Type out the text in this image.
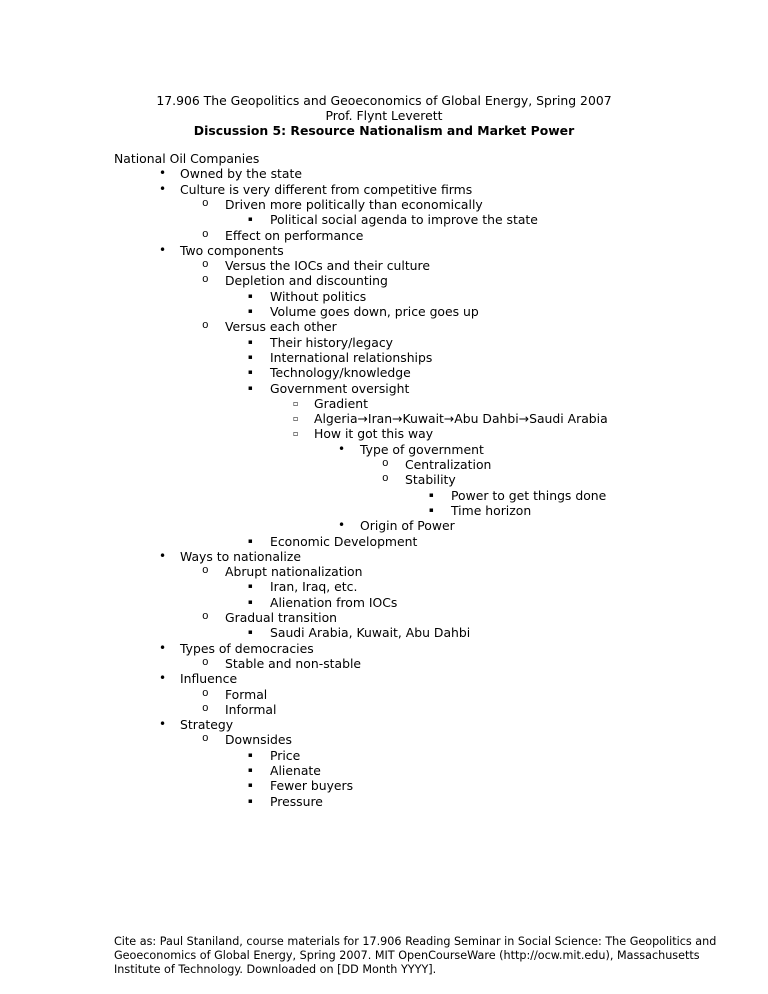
17.906 The Geopolitics and Geoeconomics of Global Energy, Spring 2007
Prof. Flynt Leverett
Discussion 5: Resource Nationalism and Market Power
National Oil Companies
• Owned by the state
• Culture is very different from competitive firms
o Driven more politically than economically
▪ Political social agenda to improve the state
o Effect on performance
• Two components
o Versus the IOCs and their culture
o Depletion and discounting
▪ Without politics
▪ Volume goes down, price goes up
o Versus each other
▪ Their history/legacy
▪ International relationships
▪ Technology/knowledge
▪ Government oversight
▫ Gradient
▫ Algeria→Iran→Kuwait→Abu Dahbi→Saudi Arabia
▫ How it got this way
• Type of government
o Centralization
o Stability
▪ Power to get things done
▪ Time horizon
• Origin of Power
▪ Economic Development
• Ways to nationalize
o Abrupt nationalization
▪ Iran, Iraq, etc.
▪ Alienation from IOCs
o Gradual transition
▪ Saudi Arabia, Kuwait, Abu Dahbi
• Types of democracies
o Stable and non-stable
• Influence
o Formal
o Informal
• Strategy
o Downsides
▪ Price
▪ Alienate
▪ Fewer buyers
▪ Pressure
Cite as: Paul Staniland, course materials for 17.906 Reading Seminar in Social Science: The Geopolitics and Geoeconomics of Global Energy, Spring 2007. MIT OpenCourseWare (http://ocw.mit.edu), Massachusetts Institute of Technology. Downloaded on [DD Month YYYY].
